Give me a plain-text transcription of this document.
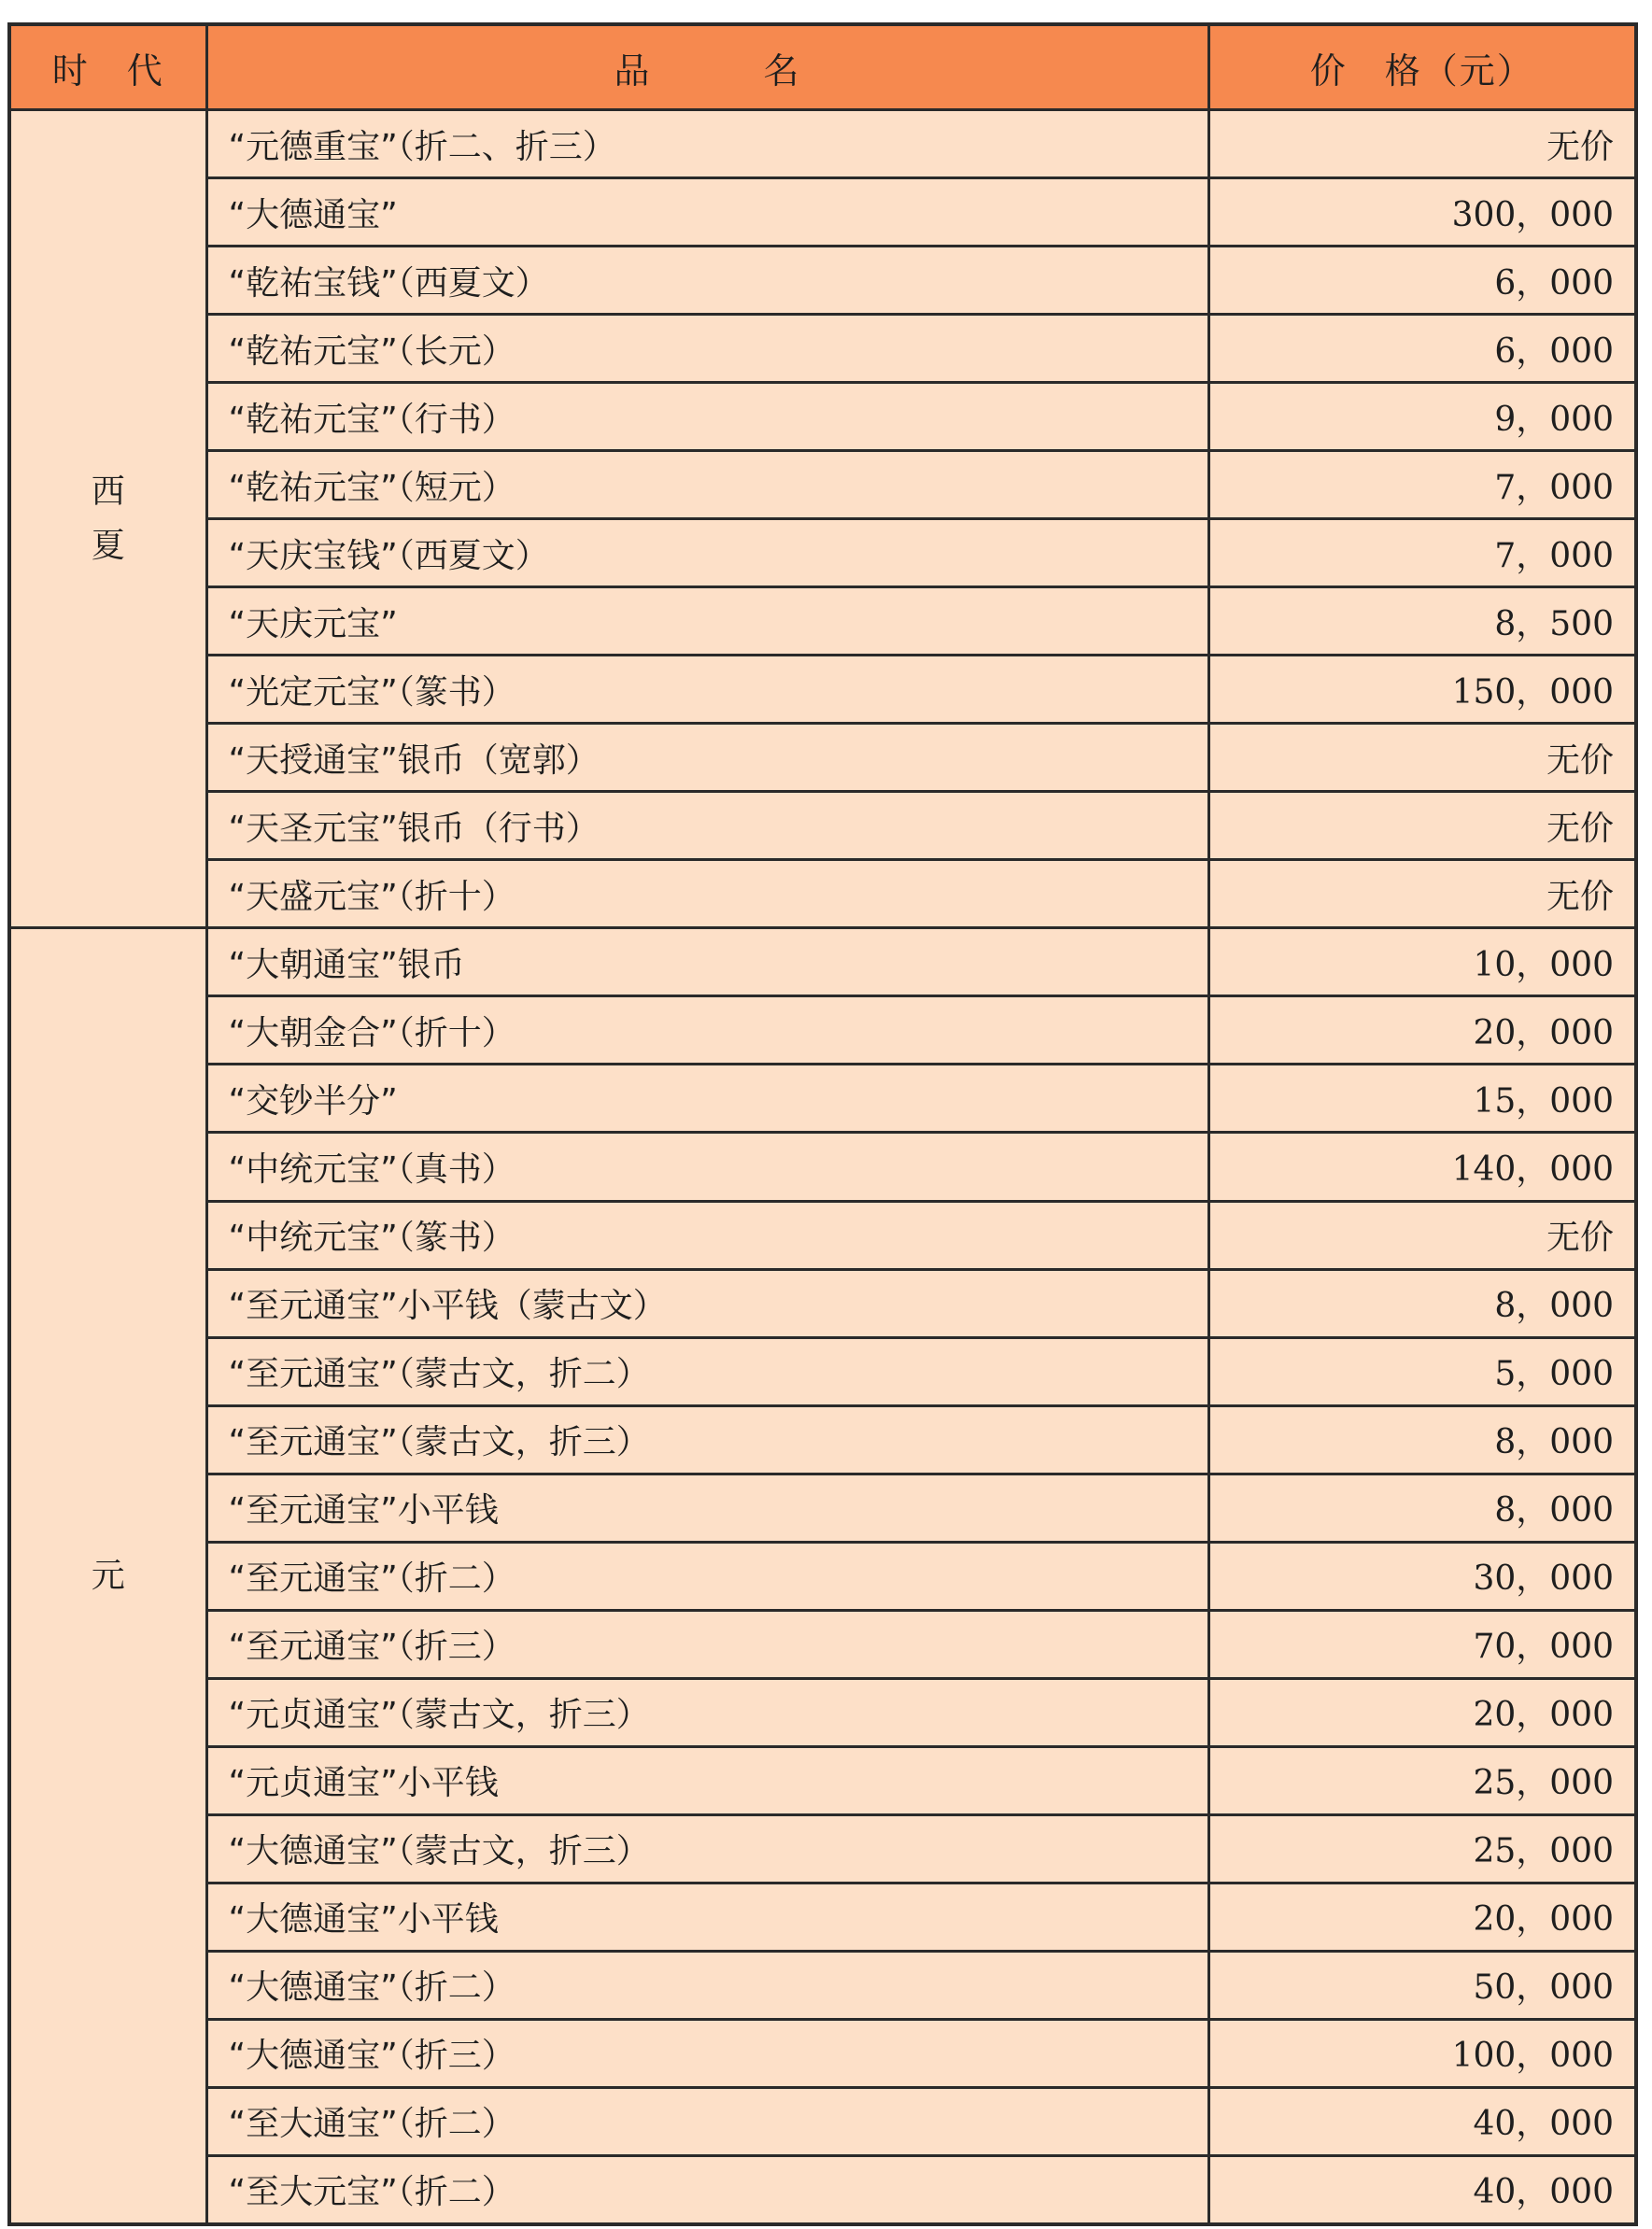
时　代	品　　　名	价　格（元）
西夏	“元德重宝”（折二、折三）	无价
	“大德通宝”	300，000
	“乾祐宝钱”（西夏文）	6，000
	“乾祐元宝”（长元）	6，000
	“乾祐元宝”（行书）	9，000
	“乾祐元宝”（短元）	7，000
	“天庆宝钱”（西夏文）	7，000
	“天庆元宝”	8，500
	“光定元宝”（篆书）	150，000
	“天授通宝”银币（宽郭）	无价
	“天圣元宝”银币（行书）	无价
	“天盛元宝”（折十）	无价
元	“大朝通宝”银币	10，000
	“大朝金合”（折十）	20，000
	“交钞半分”	15，000
	“中统元宝”（真书）	140，000
	“中统元宝”（篆书）	无价
	“至元通宝”小平钱（蒙古文）	8，000
	“至元通宝”（蒙古文，折二）	5，000
	“至元通宝”（蒙古文，折三）	8，000
	“至元通宝”小平钱	8，000
	“至元通宝”（折二）	30，000
	“至元通宝”（折三）	70，000
	“元贞通宝”（蒙古文，折三）	20，000
	“元贞通宝”小平钱	25，000
	“大德通宝”（蒙古文，折三）	25，000
	“大德通宝”小平钱	20，000
	“大德通宝”（折二）	50，000
	“大德通宝”（折三）	100，000
	“至大通宝”（折二）	40，000
	“至大元宝”（折二）	40，000
